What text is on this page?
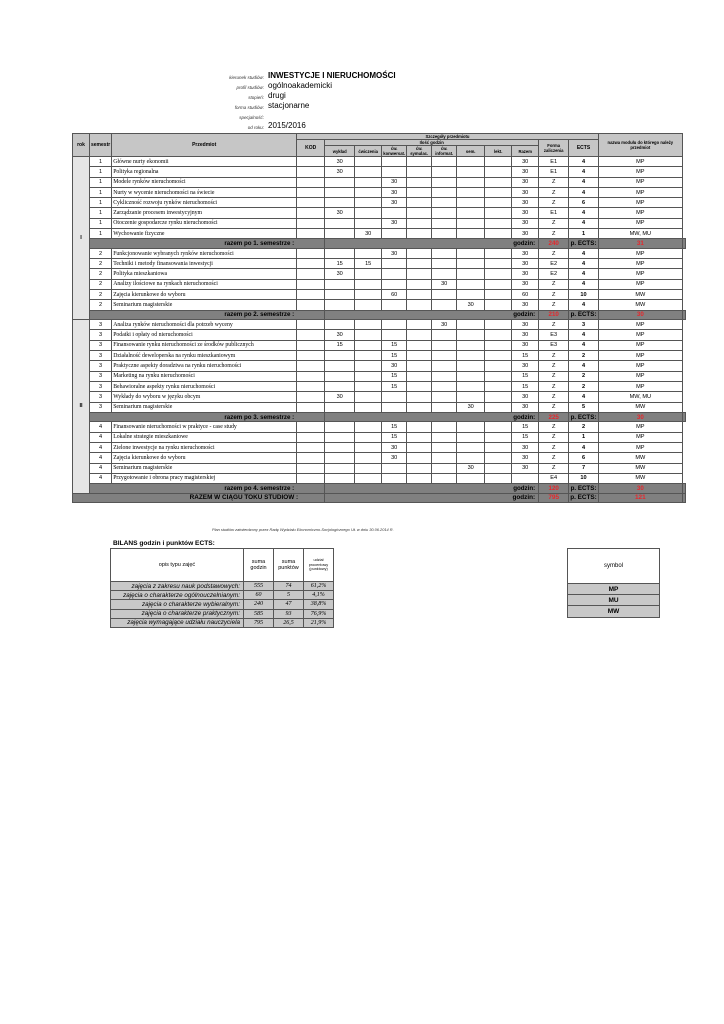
kierunek studiów: INWESTYCJE I NIERUCHOMOŚCI
profil studiów: ogólnoakademicki
stopień: drugi
forma studiów: stacjonarne
specjalność:
od roku: 2015/2016
rok	semestr	Przedmiot	Szczegóły przedmiotu											nazwa modułu do którego należy przedmiot	
			KOD	Ilość godzin								Forma zaliczenia	ECTS		
				wykład	ćwiczenia	ćw. konwersat.	ćw. symulac.	ćw. informat.	sem.	lekt.	Razem				
I	1	Główne nurty ekonomii		30							30	E1	4	MP	
	1	Polityka regionalna		30							30	E1	4	MP	
	1	Modele rynków nieruchomości				30					30	Z	4	MP	
	1	Nurty w wycenie nieruchomości na świecie				30					30	Z	4	MP	
	1	Cykliczność rozwoju rynków nieruchomości				30					30	Z	6	MP	
	1	Zarządzanie procesem inwestycyjnym		30							30	E1	4	MP	
	1	Otoczenie gospodarcze rynku nieruchomości				30					30	Z	4	MP	
	1	Wychowanie fizyczne			30						30	Z	1	MW, MU	
	razem po 1. semestrze :			godzin:								240	p. ECTS:	31	
	2	Funkcjonowanie wybranych rynków nieruchomości				30					30	Z	4	MP	
	2	Techniki i metody finansowania inwestycji		15	15						30	E2	4	MP	
	2	Polityka mieszkaniowa		30							30	E2	4	MP	
	2	Analizy ilościowe na rynkach nieruchomości						30			30	Z	4	MP	
	2	Zajęcia kierunkowe do wyboru				60					60	Z	10	MW	
	2	Seminarium magisterskie							30		30	Z	4	MW	
	razem po 2. semestrze :			godzin:								210	p. ECTS:	30	
II	3	Analiza rynków nieruchomości dla potrzeb wyceny						30			30	Z	3	MP	
	3	Podatki i opłaty od nieruchomości		30							30	E3	4	MP	
	3	Finansowanie rynku nieruchomości ze środków publicznych		15		15					30	E3	4	MP	
	3	Działalność deweloperska na rynku mieszkaniowym				15					15	Z	2	MP	
	3	Praktyczne aspekty doradztwa na rynku nieruchomości				30					30	Z	4	MP	
	3	Marketing na rynku nieruchomości				15					15	Z	2	MP	
	3	Behawioralne aspekty rynku nieruchomości				15					15	Z	2	MP	
	3	Wykłady do wyboru w języku obcym		30							30	Z	4	MW, MU	
	3	Seminarium magisterskie							30		30	Z	5	MW	
	razem po 3. semestrze :			godzin:								225	p. ECTS:	30	
	4	Finansowanie nieruchomości w praktyce - case study				15					15	Z	2	MP	
	4	Lokalne strategie mieszkaniowe				15					15	Z	1	MP	
	4	Zielone inwestycje na rynku nieruchomości				30					30	Z	4	MP	
	4	Zajęcia kierunkowe do wyboru				30					30	Z	6	MW	
	4	Seminarium magisterskie							30		30	Z	7	MW	
	4	Przygotowanie i obrona pracy magisterskiej										E4	10	MW	
	razem po 4. semestrze :			godzin:								120	p. ECTS:	30	
RAZEM W CIĄGU TOKU STUDIÓW :				godzin:								795	p. ECTS:	121	
Plan studiów zatwierdzony przez Radę Wydziału Ekonomiczno-Socjologicznego UŁ w dniu 30.06.2014 R.
BILANS godzin i punktów ECTS:
opis typu zajęć	suma godzin	suma punktów	udział procentowy (punktowy)
zajęcia z zakresu nauk podstawowych:	555	74	61,2%
zajęcia o charakterze ogólnouczelnianym:	60	5	4,1%
zajęcia o charakterze wybieralnym:	240	47	38,8%
zajęcia o charakterze praktycznym:	585	93	76,9%
zajęcia wymagające udziału nauczyciela	795	26,5	21,9%
symbol
MP
MU
MW
